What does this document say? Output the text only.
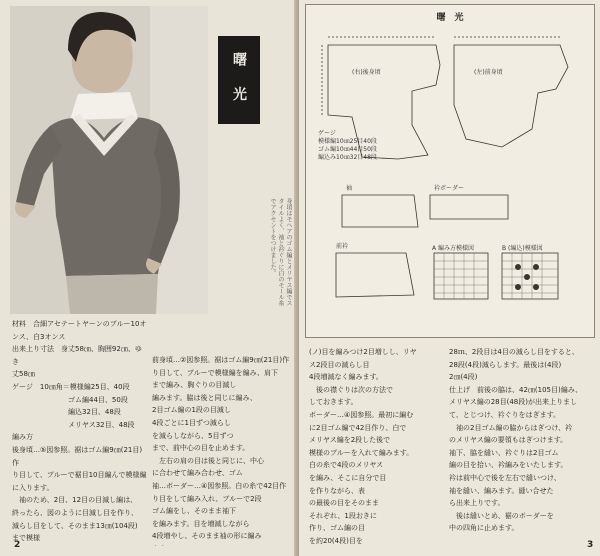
曙 光
身頃はモヘアのゴム編とメリヤス編でスタイルよく、袖と衿ぐりに白のモール糸でアクセントをつけました。

材料　合細アセテートヤーンのブルー10オ

ンス、白3オンス

出来上り寸法　身丈58㎝、胸囲92㎝、ゆき

丈58㎝

ゲージ　10㎝角＝模様編25目、40段

　　　　　　　　ゴム編44目、50段

　　　　　　　　編込32目、48段

　　　　　　　　メリヤス32目、48段

編み方

後身頃…⑤図参照。裾はゴム編9㎝(21目)作

り目して、ブルーで裾目10目編んで模様編

に入ります。

　袖のため、2目、12目の目減し編は、

終ったら、図のように目減し目を作り、

減らし目をして、そのまま13㎝(104段)

まで模様

前身頃…②図参照。裾はゴム編9㎝(21目)作

り目して、ブルーで模様編を編み、肩下

まで編み、胸ぐりの目減し

編みます。脇は後と同じに編み、

2目ゴム編の1段の目減し

4段ごとに1目ずつ減らし

を減らしながら、5目ずつ

まで、前中心の目を止めます。

　左右の肩の目は後と同じに、中心

に合わせて編み合わせ、ゴム

袖…ボーダー…④図参照。白の糸で42目作

り目をして編み入れ、ブルーで2段

ゴム編をし、そのまま袖下

を編みます。目を増減しながら

4段増やし、そのまま袖の形に編み

2
曙　光
(右)後身頃	(左)前身頃
袖	衿ボーダー
前衿	A 編み方模様図	B (編込)模様図
ゲージ
模様編10㎝25目40段
ゴム編10㎝44目50段
編込み10㎝32目48段

(ノ)目を編みつけ2目増しし、リヤ

ス2段目の減らし目

4段増減なく編みます。

　後の襟ぐりは次の方法で

しておきます。

ボーダー…④図参照。最初に編む

に2目ゴム編で42目作り、白で

メリヤス編を2段した後で

模様のブルーを入れて編みます。

白の糸で4段のメリヤス

を編み、そこに自分で目

を作りながら、表

の最後の目をそのまま

それぞれ、1段おきに

作り、ゴム編の目

を約20(4段)目を

28ｍ、2段目は4目の減らし目をすると、

28段(4段)減らします。最後は(4段)

2㎝(4段)

仕上げ　前後の脇は、42㎝(105目)編み、

メリヤス編の28目(48段)が出来上りまし

て、とじつけ、衿ぐりをはぎます。

　袖の2目ゴム編の脇からはぎつけ、衿

のメリヤス編の要領もはぎつけます。

袖下、脇を縫い、衿ぐりは2目ゴム

編の目を拾い、衿編みをいたします。

衿は前中心で後を左右で縫いつけ、

袖を縫い、編みます。縫い合せた

ら出来上りです。

　後は縫いとめ、裾のボーダーを

中の四角に止めます。

3
